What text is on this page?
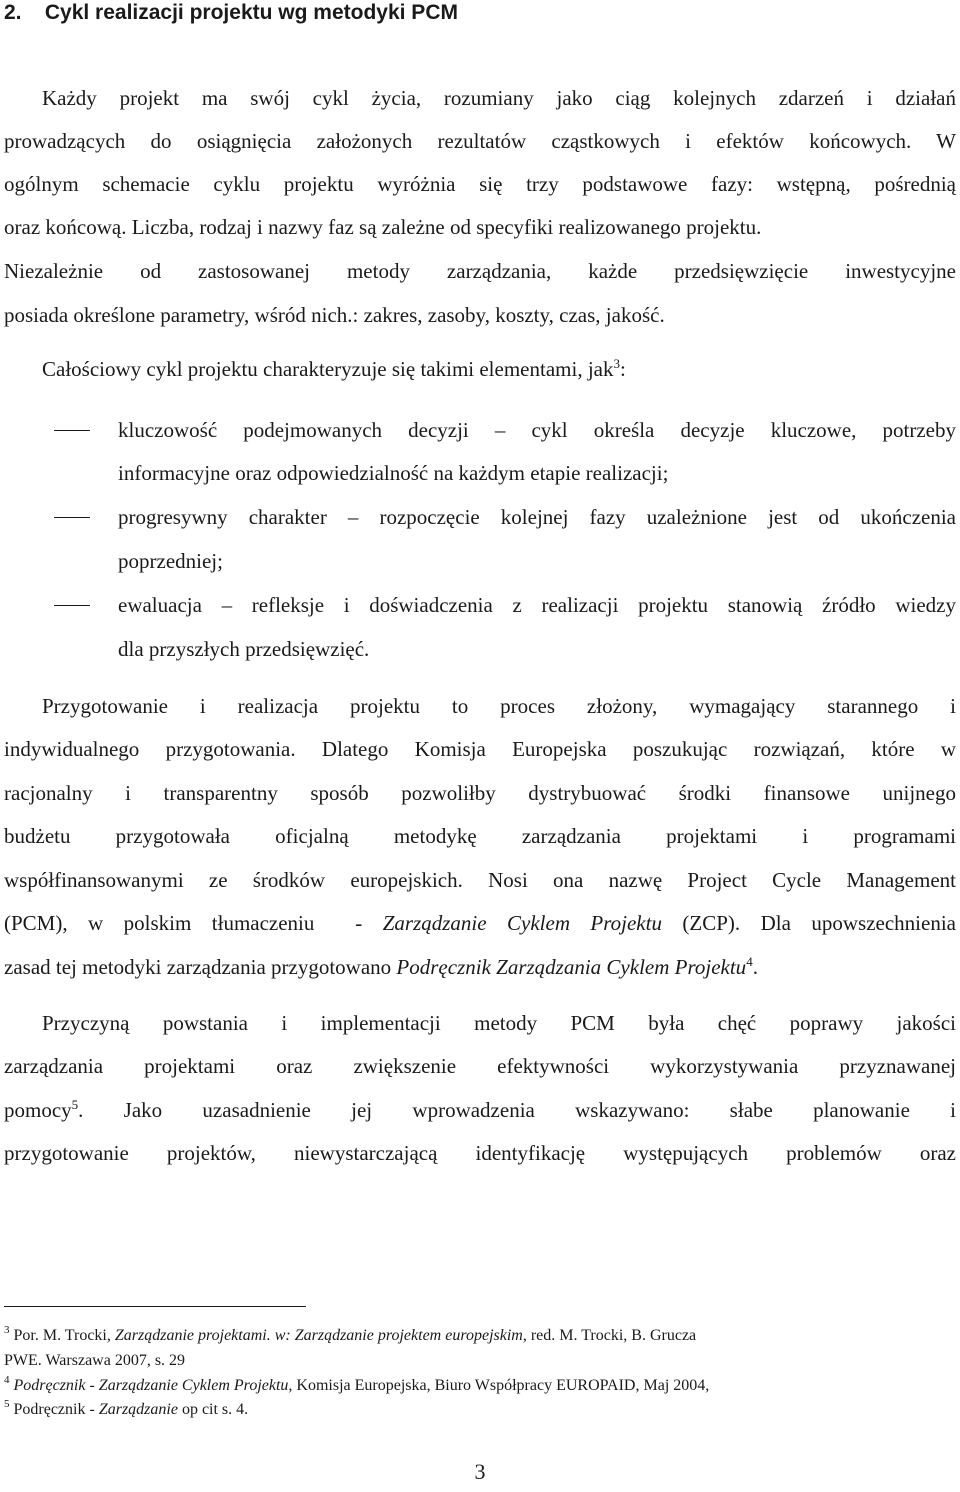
2.    Cykl realizacji projektu wg metodyki PCM
Każdy projekt ma swój cykl życia, rozumiany jako ciąg kolejnych zdarzeń i działań
prowadzących do osiągnięcia założonych rezultatów cząstkowych i efektów końcowych. W
ogólnym schemacie cyklu projektu wyróżnia się trzy podstawowe fazy: wstępną, pośrednią
oraz końcową. Liczba, rodzaj i nazwy faz są zależne od specyfiki realizowanego projektu.
Niezależnie od zastosowanej metody zarządzania, każde przedsięwzięcie inwestycyjne
posiada określone parametry, wśród nich.: zakres, zasoby, koszty, czas, jakość.
Całościowy cykl projektu charakteryzuje się takimi elementami, jak$^3$:
kluczowość podejmowanych decyzji – cykl określa decyzje kluczowe, potrzeby
informacyjne oraz odpowiedzialność na każdym etapie realizacji;
progresywny charakter – rozpoczęcie kolejnej fazy uzależnione jest od ukończenia
poprzedniej;
ewaluacja – refleksje i doświadczenia z realizacji projektu stanowią źródło wiedzy
dla przyszłych przedsięwzięć.
Przygotowanie i realizacja projektu to proces złożony, wymagający starannego i
indywidualnego przygotowania. Dlatego Komisja Europejska poszukując rozwiązań, które w
racjonalny i transparentny sposób pozwoliłby dystrybuować środki finansowe unijnego
budżetu przygotowała oficjalną metodykę zarządzania projektami i programami
współfinansowanymi ze środków europejskich. Nosi ona nazwę Project Cycle Management
(PCM), w polskim tłumaczeniu  - Zarządzanie Cyklem Projektu (ZCP). Dla upowszechnienia
zasad tej metodyki zarządzania przygotowano Podręcznik Zarządzania Cyklem Projektu$^4$.
Przyczyną powstania i implementacji metody PCM była chęć poprawy jakości
zarządzania projektami oraz zwiększenie efektywności wykorzystywania przyznawanej
pomocy$^5$. Jako uzasadnienie jej wprowadzenia wskazywano: słabe planowanie i
przygotowanie projektów, niewystarczającą identyfikację występujących problemów oraz
$^3$ Por. M. Trocki, Zarządzanie projektami. w: Zarządzanie projektem europejskim, red. M. Trocki, B. Grucza
PWE. Warszawa 2007, s. 29
$^4$ Podręcznik - Zarządzanie Cyklem Projektu, Komisja Europejska, Biuro Współpracy EUROPAID, Maj 2004,
$^5$ Podręcznik - Zarządzanie op cit s. 4.
3
